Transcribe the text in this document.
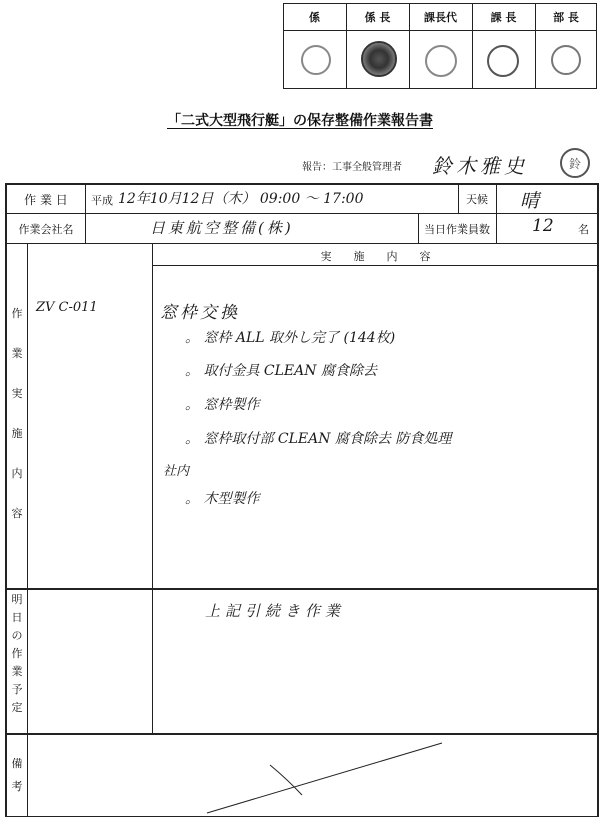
係	係 長	課長代	課 長	部 長
「二式大型飛行艇」の保存整備作業報告書
報告：工事全般管理者 鈴木雅史	鈴
作 業 日	平成 12年10月12日（木） 09:00 ～ 17:00	天候	晴
作業会社名	日東航空整備(株)	当日作業員数	12 名
作
業
実
施
内
容
実　　施　　内　　容
ZV C-011	窓枠交換
。 窓枠 ALL 取外し完了 (144枚)
。 取付金具 CLEAN 腐食除去
。 窓枠製作
。 窓枠取付部 CLEAN 腐食除去 防食処理
社内
。 木型製作
明
日
の
作
業
予
定
上記引続き作業
備
考
